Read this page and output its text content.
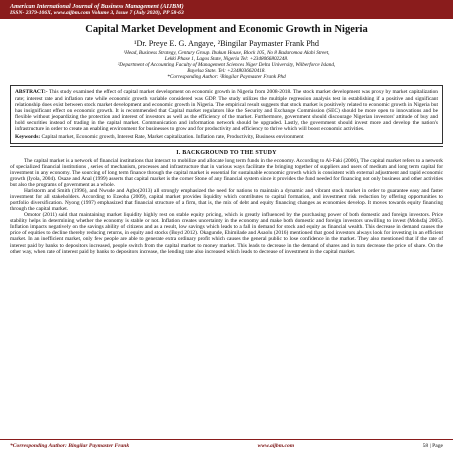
American International Journal of Business Management (AIJBM)
ISSN- 2379-106X, www.aijbm.com Volume 3, Issue 7 (July 2020), PP 58-63
Capital Market Development and Economic Growth in Nigeria
¹Dr. Preye E. G. Angaye, ²Bingilar Paymaster Frank Phd
¹Head, Business Strategy, Century Group. Ibukun House, Block 105, No 8 Badaromoa Alabi Street,
Lekki Phase 1, Lagos State, Nigeria Tel: +2348066802248.
²Department of Accounting Faculty of Management Sciences Niger Delta University, Wilberforce Island,
Bayelsa State. Tel: +2348036620418.
*Corresponding Author: ²Bingilar Paymaster Frank Phd
ABSTRACT:- This study examined the effect of capital market development on economic growth in Nigeria from 2008-2018. The stock market development was proxy by market capitalization rate; interest rate and inflation rate while economic growth variable considered was GDP. The study utilizes the multiple regression analysis test in establishing if a positive and significant relationship does exist between stock market development and economic growth in Nigeria. The empirical result suggests that stock market is positively related to economic growth in Nigeria but has insignificant effect on economic growth. It is recommended that Capital market regulators like the Security and Exchange Commission (SEC) should be more open to innovations and be flexible without jeopardizing the protection and interest of investors as well as the efficiency of the market. Furthermore, government should discourage Nigerian investors' attitude of buy and hold securities instead of trading in the capital market. Communication and information network should be upgraded. Lastly, the government should invest more and develop the nation's infrastructure in order to create an enabling environment for businesses to grow and for productivity and efficiency to thrive which will boost economic activities.
Keywords: Capital market, Economic growth, Interest Rate, Market capitalization. Inflation rate, Productivity, Business environment
I. BACKGROUND TO THE STUDY

The capital market is a network of financial institutions that interact to mobilize and allocate long term funds in the economy. According to Al-Faki (2006), The capital market refers to a network of specialized financial institutions , series of mechanism, processes and infrastructure that in various ways facilitate the bringing together of suppliers and users of medium and long term capital for investment in any economy. The sourcing of long term finance through the capital market is essential for sustainable economic growth which is consistent with external adjustment and rapid economic growth (Iyola, 2004). Osaze and Anal (1999) asserts that capital market is the corner Stone of any financial system since it provides the fund needed for financing not only business and other activities but also the programs of government as a whole.

Harlstorm and Smith (1996), and Nwude and Agbo(2013) all strongly emphasized the need for nations to maintain a dynamic and vibrant stock market in order to guarantee easy and faster investment for all stakeholders. According to Ezeoha (2009), capital market provides liquidity which contributes to capital formation, and investment risk reduction by offering opportunities to portfolio diversification. Nyong (1997) emphasized that financial structure of a firm, that is, the mix of debt and equity financing changes as economies develop. It moves towards equity financing through the capital market.

Omotor (2011) said that maintaining market liquidity highly rest on stable equity pricing, which is greatly influenced by the purchasing power of both domestic and foreign investors. Price stability helps in determining whether the economy is stable or not. Inflation creates uncertainty in the economy and make both domestic and foreign investors unwilling to invest (Mohsfaj 2005). Inflation impacts negatively on the savings ability of citizens and as a result, low savings which leads to a fall in demand for stock and equity as financial wealth. This decrease in demand causes the price of equities to decline thereby reducing returns, in equity and stocks (Boyd 2012). Okagunde, Ehimilade and Asaolu (2016) mentioned that good investors always look for investing in an efficient market. In an inefficient market, only few people are able to generate extra ordinary profit which causes the general public to lose confidence in the market. They also mentioned that if the rate of interest paid by banks to depositors increased, people switch from the capital market to money market. This leads to decrease in the demand of shares and in turn decrease the price of share. On the other way, when rate of interest paid by banks to depositors increase, the lending rate also increased which leads to decrease of investment in the capital market.

*Corresponding Author: Bingilar Paymaster Frank	www.aijbm.com	58 | Page
